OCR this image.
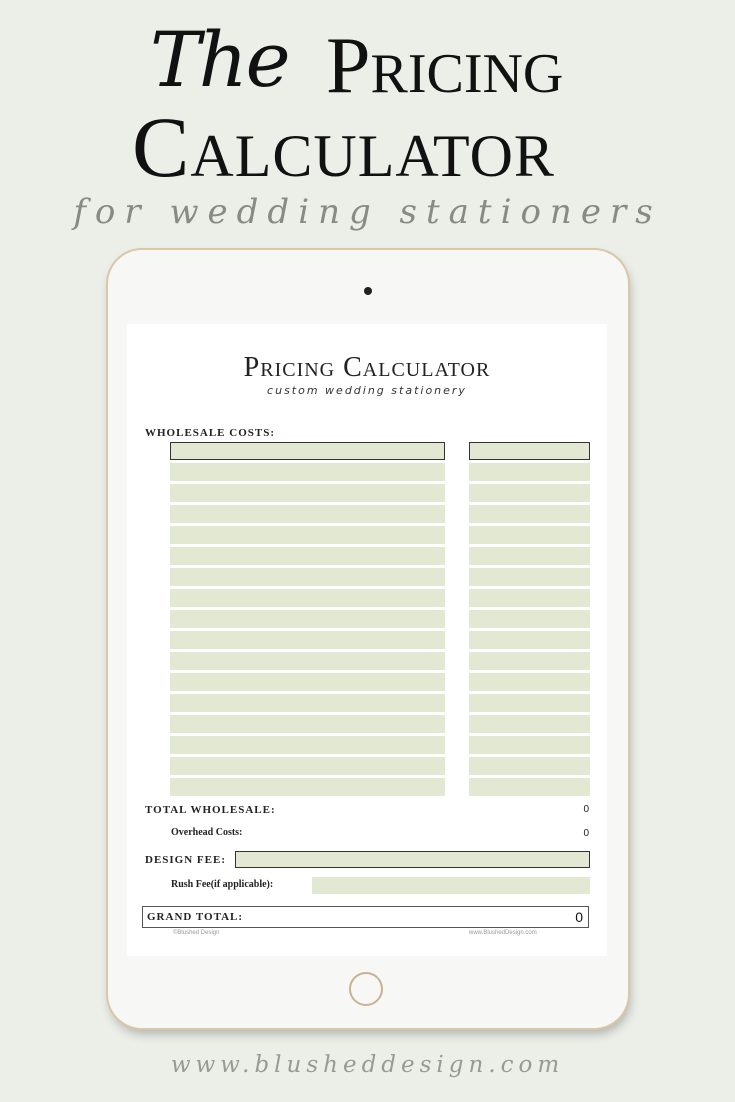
The Pricing
Calculator
for wedding stationers
Pricing Calculator
custom wedding stationery
WHOLESALE COSTS:
TOTAL WHOLESALE:	0
Overhead Costs:	0
DESIGN FEE:
Rush Fee(if applicable):
GRAND TOTAL:	0
©Blushed Design	www.BlushedDesign.com
www.blusheddesign.com
